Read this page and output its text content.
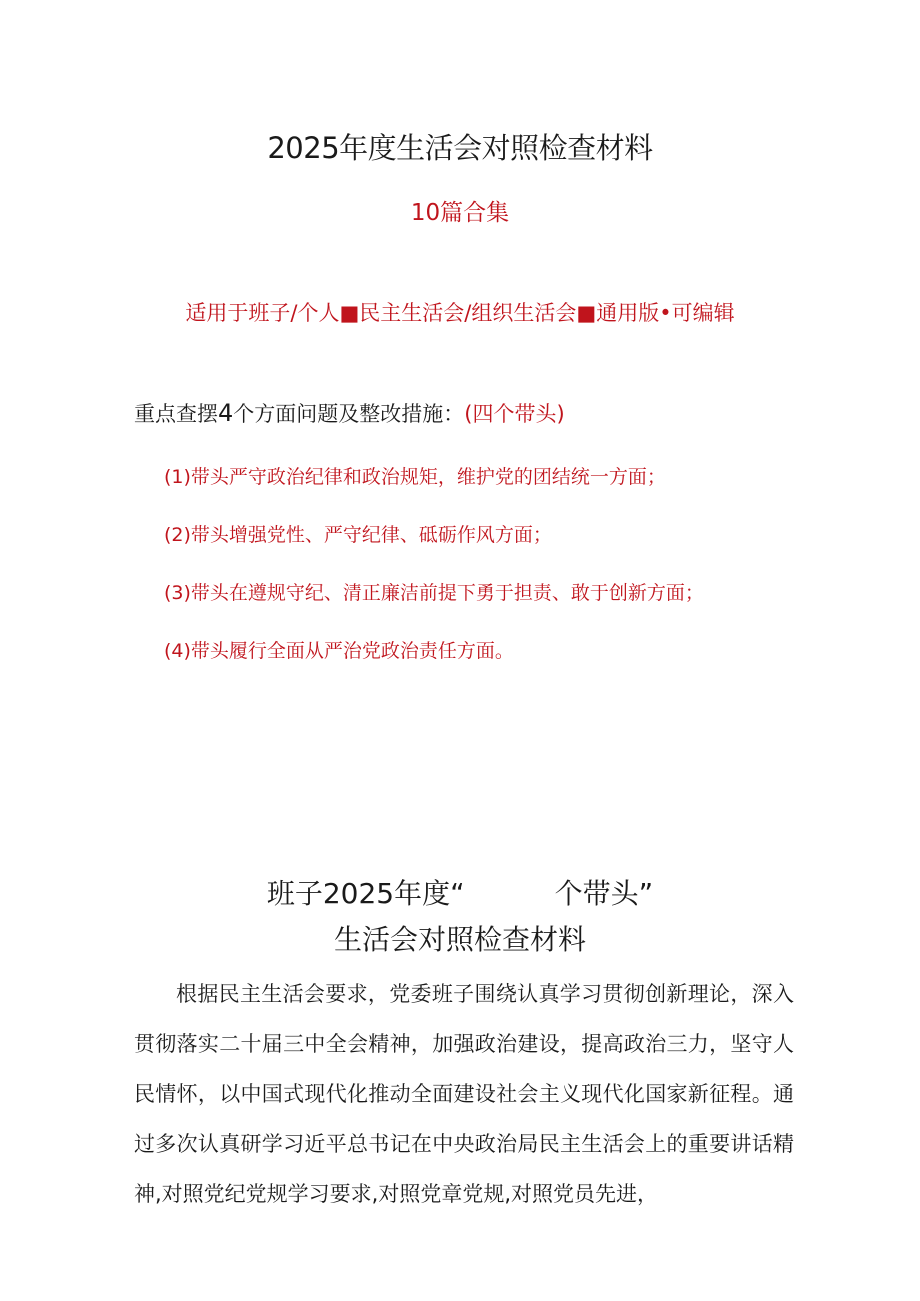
2025年度生活会对照检查材料
10篇合集
适用于班子/个人■民主生活会/组织生活会■通用版•可编辑
重点查摆4个方面问题及整改措施：(四个带头)
(1)带头严守政治纪律和政治规矩，维护党的团结统一方面；
(2)带头增强党性、严守纪律、砥砺作风方面；
(3)带头在遵规守纪、清正廉洁前提下勇于担责、敢于创新方面；
(4)带头履行全面从严治党政治责任方面。
班子2025年度“	个带头”
生活会对照检查材料

根据民主生活会要求，党委班子围绕认真学习贯彻创新理论，深入贯彻落实二十届三中全会精神，加强政治建设，提高政治三力，坚守人民情怀，以中国式现代化推动全面建设社会主义现代化国家新征程。通过多次认真研学习近平总书记在中央政治局民主生活会上的重要讲话精神,对照党纪党规学习要求,对照党章党规,对照党员先进，
